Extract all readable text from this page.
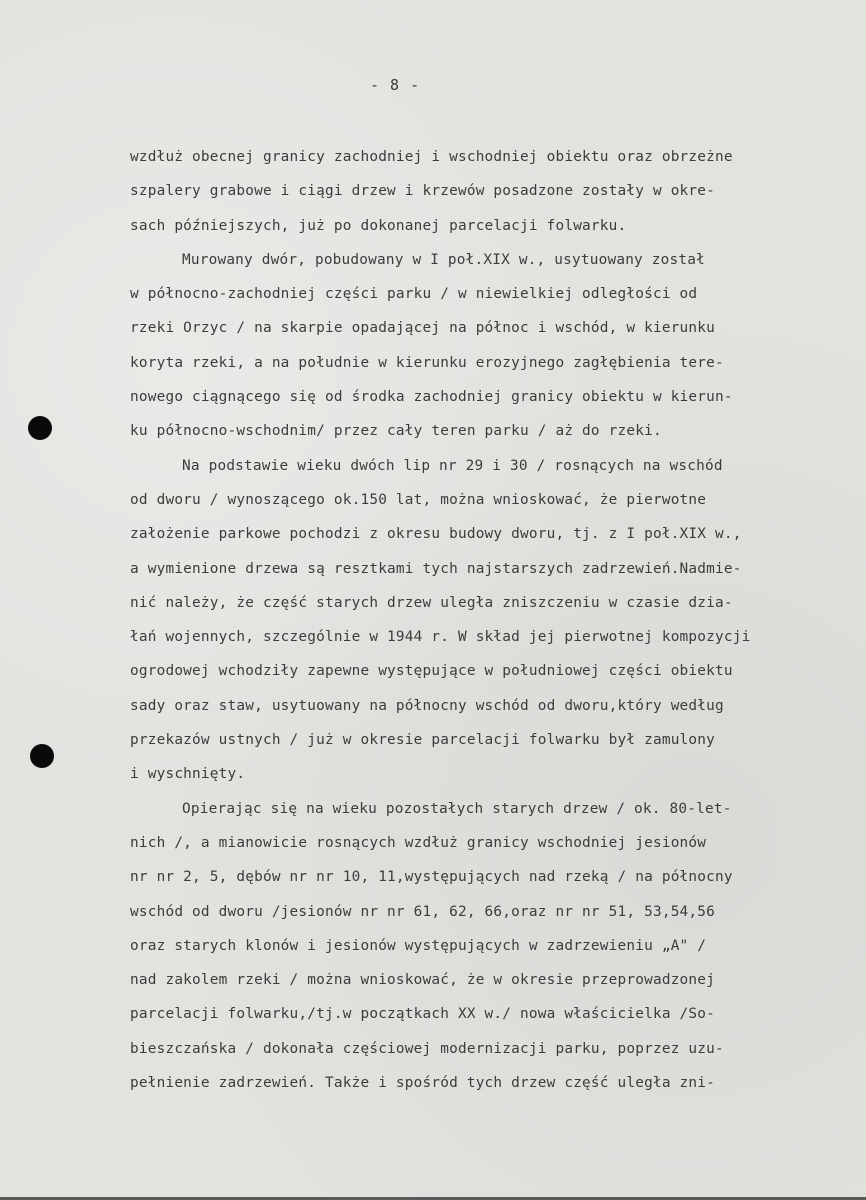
- 8 -

wzdłuż obecnej granicy zachodniej i wschodniej obiektu oraz obrzeżne
szpalery grabowe i ciągi drzew i krzewów posadzone zostały w okre-
sach późniejszych, już po dokonanej parcelacji folwarku.

Murowany dwór, pobudowany w I poł.XIX w., usytuowany został
w północno-zachodniej części parku / w niewielkiej odległości od
rzeki Orzyc / na skarpie opadającej na północ i wschód, w kierunku
koryta rzeki, a na południe w kierunku erozyjnego zagłębienia tere-
nowego ciągnącego się od środka zachodniej granicy obiektu w kierun-
ku północno-wschodnim/ przez cały teren parku / aż do rzeki.

Na podstawie wieku dwóch lip nr 29 i 30 / rosnących na wschód
od dworu / wynoszącego ok.150 lat, można wnioskować, że pierwotne
założenie parkowe pochodzi z okresu budowy dworu, tj. z I poł.XIX w.,
a wymienione drzewa są resztkami tych najstarszych zadrzewień.Nadmie-
nić należy, że część starych drzew uległa zniszczeniu w czasie dzia-
łań wojennych, szczególnie w 1944 r. W skład jej pierwotnej kompozycji
ogrodowej wchodziły zapewne występujące w południowej części obiektu
sady oraz staw, usytuowany na północny wschód od dworu,który według
przekazów ustnych / już w okresie parcelacji folwarku był zamulony
i wyschnięty.

Opierając się na wieku pozostałych starych drzew / ok. 80-let-
nich /, a mianowicie rosnących wzdłuż granicy wschodniej jesionów
nr nr 2, 5, dębów nr nr 10, 11,występujących nad rzeką / na północny
wschód od dworu /jesionów nr nr 61, 62, 66,oraz nr nr 51, 53,54,56
oraz starych klonów i jesionów występujących w zadrzewieniu „A" /
nad zakolem rzeki / można wnioskować, że w okresie przeprowadzonej
parcelacji folwarku,/tj.w początkach XX w./ nowa właścicielka /So-
bieszczańska / dokonała częściowej modernizacji parku, poprzez uzu-
pełnienie zadrzewień. Także i spośród tych drzew część uległa zni-
